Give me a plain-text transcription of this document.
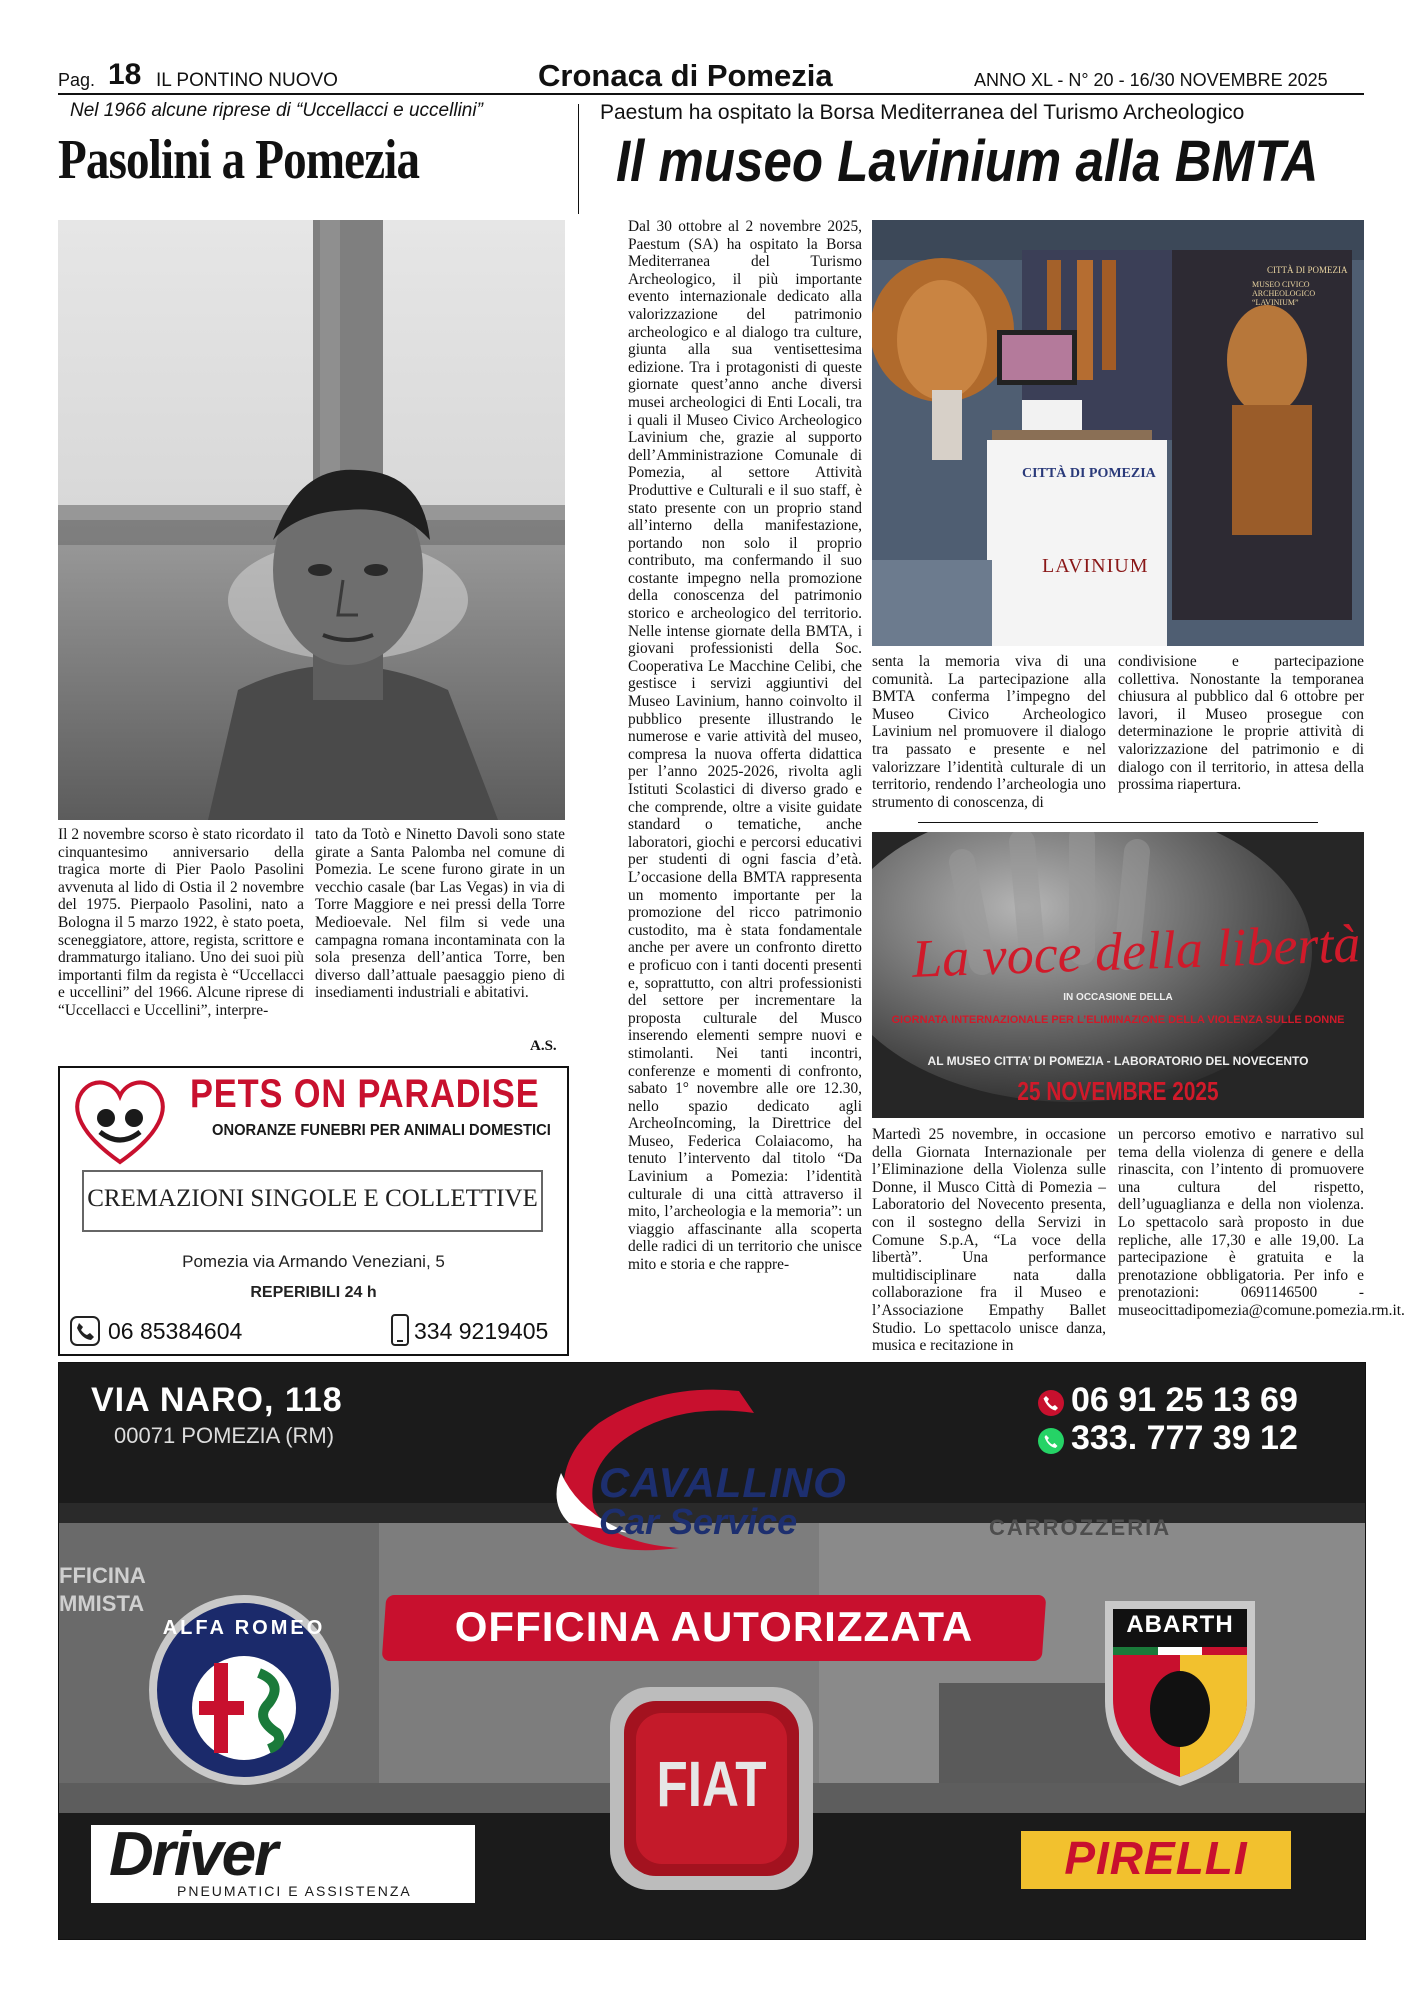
Pag. 18 IL PONTINO NUOVO	Cronaca di Pomezia	ANNO XL - N° 20 - 16/30 NOVEMBRE 2025
Nel 1966 alcune riprese di “Uccellacci e uccellini”
Pasolini a Pomezia
Il 2 novembre scorso è stato ricordato il cinquantesimo anniversario della tragica morte di Pier Paolo Pasolini avvenuta al lido di Ostia il 2 novembre del 1975. Pierpaolo Pasolini, nato a Bologna il 5 marzo 1922, è stato poeta, sceneggiatore, attore, regista, scrittore e drammaturgo italiano. Uno dei suoi più importanti film da regista è “Uccellacci e uccellini” del 1966. Alcune riprese di “Uccellacci e Uccellini”, interpre-
tato da Totò e Ninetto Davoli sono state girate a Santa Palomba nel comune di Pomezia. Le scene furono girate in un vecchio casale (bar Las Vegas) in via di Torre Maggiore e nei pressi della Torre Medioevale. Nel film si vede una campagna romana incontaminata con la sola presenza dell’antica Torre, ben diverso dall’attuale paesaggio pieno di insediamenti industriali e abitativi.
A.S.
PETS ON PARADISE
ONORANZE FUNEBRI PER ANIMALI DOMESTICI
CREMAZIONI SINGOLE E COLLETTIVE
Pomezia via Armando Veneziani, 5
REPERIBILI 24 h
06 85384604	334 9219405
Paestum ha ospitato la Borsa Mediterranea del Turismo Archeologico
Il museo Lavinium alla BMTA
Dal 30 ottobre al 2 novembre 2025, Paestum (SA) ha ospitato la Borsa Mediterranea del Turismo Archeologico, il più importante evento internazionale dedicato alla valorizzazione del patrimonio archeologico e al dialogo tra culture, giunta alla sua ventisettesima edizione. Tra i protagonisti di queste giornate quest’anno anche diversi musei archeologici di Enti Locali, tra i quali il Museo Civico Archeologico Lavinium che, grazie al supporto dell’Amministrazione Comunale di Pomezia, al settore Attività Produttive e Culturali e il suo staff, è stato presente con un proprio stand all’interno della manifestazione, portando non solo il proprio contributo, ma confermando il suo costante impegno nella promozione della conoscenza del patrimonio storico e archeologico del territorio. Nelle intense giornate della BMTA, i giovani professionisti della Soc. Cooperativa Le Macchine Celibi, che gestisce i servizi aggiuntivi del Museo Lavinium, hanno coinvolto il pubblico presente illustrando le numerose e varie attività del museo, compresa la nuova offerta didattica per l’anno 2025-2026, rivolta agli Istituti Scolastici di diverso grado e che comprende, oltre a visite guidate standard o tematiche, anche laboratori, giochi e percorsi educativi per studenti di ogni fascia d’età. L’occasione della BMTA rappresenta un momento importante per la promozione del ricco patrimonio custodito, ma è stata fondamentale anche per avere un confronto diretto e proficuo con i tanti docenti presenti e, soprattutto, con altri professionisti del settore per incrementare la proposta culturale del Musco inserendo elementi sempre nuovi e stimolanti. Nei tanti incontri, conferenze e momenti di confronto, sabato 1° novembre alle ore 12.30, nello spazio dedicato agli ArcheoIncoming, la Direttrice del Museo, Federica Colaiacomo, ha tenuto l’intervento dal titolo “Da Lavinium a Pomezia: l’identità culturale di una città attraverso il mito, l’archeologia e la memoria”: un viaggio affascinante alla scoperta delle radici di un territorio che unisce mito e storia e che rappre-
CITTÀ DI POMEZIA
LAVINIUM
CITTÀ DI POMEZIA
MUSEO CIVICO ARCHEOLOGICO “LAVINIUM”
senta la memoria viva di una comunità. La partecipazione alla BMTA conferma l’impegno del Museo Civico Archeologico Lavinium nel promuovere il dialogo tra passato e presente e nel valorizzare l’identità culturale di un territorio, rendendo l’archeologia uno strumento di conoscenza, di
condivisione e partecipazione collettiva. Nonostante la temporanea chiusura al pubblico dal 6 ottobre per lavori, il Museo prosegue con determinazione le proprie attività di valorizzazione del patrimonio e di dialogo con il territorio, in attesa della prossima riapertura.
La voce della libertà
IN OCCASIONE DELLA
GIORNATA INTERNAZIONALE PER L’ELIMINAZIONE DELLA VIOLENZA SULLE DONNE
AL MUSEO CITTA’ DI POMEZIA - LABORATORIO DEL NOVECENTO
25 NOVEMBRE 2025
Martedì 25 novembre, in occasione della Giornata Internazionale per l’Eliminazione della Violenza sulle Donne, il Musco Città di Pomezia – Laboratorio del Novecento presenta, con il sostegno della Servizi in Comune S.p.A, “La voce della libertà”. Una performance multidisciplinare nata dalla collaborazione fra il Museo e l’Associazione Empathy Ballet Studio. Lo spettacolo unisce danza, musica e recitazione in
un percorso emotivo e narrativo sul tema della violenza di genere e della rinascita, con l’intento di promuovere una cultura del rispetto, dell’uguaglianza e della non violenza. Lo spettacolo sarà proposto in due repliche, alle 17,30 e alle 19,00. La partecipazione è gratuita e la prenotazione obbligatoria. Per info e prenotazioni: 0691146500 - museocittadipomezia@comune.pomezia.rm.it.
VIA NARO, 118
00071 POMEZIA (RM)
06 91 25 13 69
333. 777 39 12
CARROZZERIA
FFICINA
MMISTA
CAVALLINO
Car Service
OFFICINA AUTORIZZATA
ALFA ROMEO	ABARTH
FIAT
Driver
PNEUMATICI E ASSISTENZA
PIRELLI
